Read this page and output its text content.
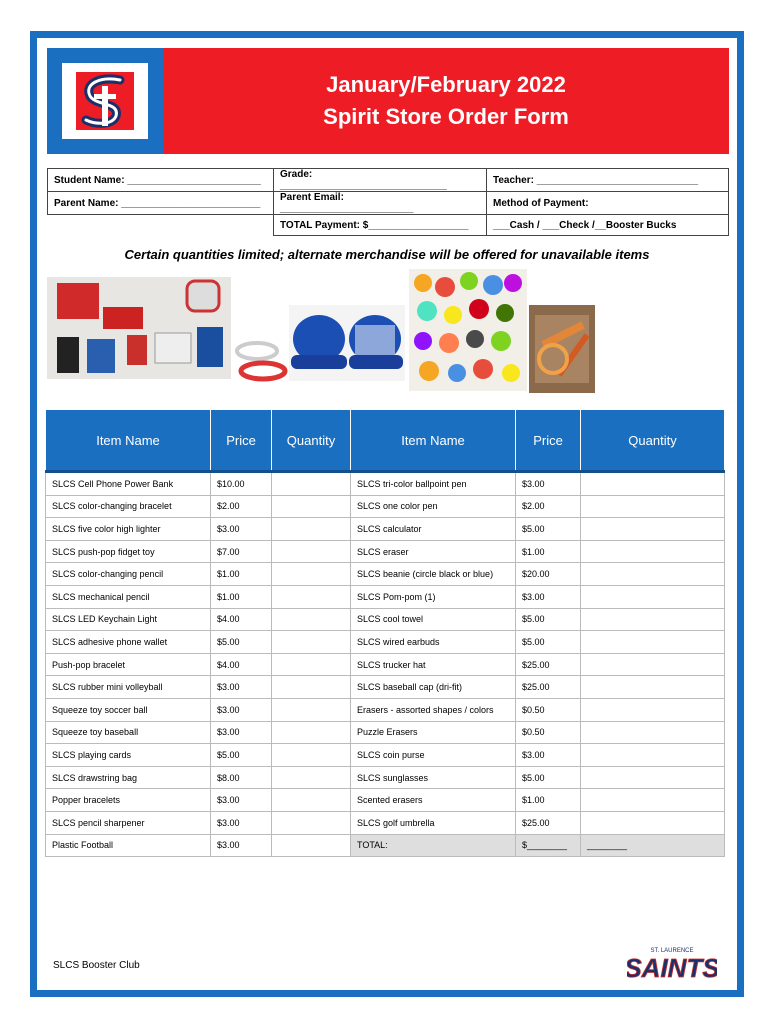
January/February 2022
Spirit Store Order Form
Student Name: ________________________	Grade: ______________________________	Teacher: _____________________________
Parent Name: _________________________	Parent Email: ________________________	Method of Payment:
	TOTAL Payment: $__________________	___Cash / ___Check /__Booster Bucks
Certain quantities limited; alternate merchandise will be offered for unavailable items
Item Name	Price	Quantity	Item Name	Price	Quantity
SLCS Cell Phone Power Bank	$10.00		SLCS tri-color ballpoint pen	$3.00	
SLCS color-changing bracelet	$2.00		SLCS one color pen	$2.00	
SLCS five color high lighter	$3.00		SLCS calculator	$5.00	
SLCS push-pop fidget toy	$7.00		SLCS eraser	$1.00	
SLCS color-changing pencil	$1.00		SLCS beanie (circle black or blue)	$20.00	
SLCS mechanical pencil	$1.00		SLCS Pom-pom (1)	$3.00	
SLCS LED Keychain Light	$4.00		SLCS cool towel	$5.00	
SLCS adhesive phone wallet	$5.00		SLCS wired earbuds	$5.00	
Push-pop bracelet	$4.00		SLCS trucker hat	$25.00	
SLCS rubber mini volleyball	$3.00		SLCS baseball cap (dri-fit)	$25.00	
Squeeze toy soccer ball	$3.00		Erasers - assorted shapes / colors	$0.50	
Squeeze toy baseball	$3.00		Puzzle Erasers	$0.50	
SLCS playing cards	$5.00		SLCS coin purse	$3.00	
SLCS drawstring bag	$8.00		SLCS sunglasses	$5.00	
Popper bracelets	$3.00		Scented erasers	$1.00	
SLCS pencil sharpener	$3.00		SLCS golf umbrella	$25.00	
Plastic Football	$3.00		TOTAL:	$________	________
SLCS Booster Club
ST. LAURENCE
SAINTS
